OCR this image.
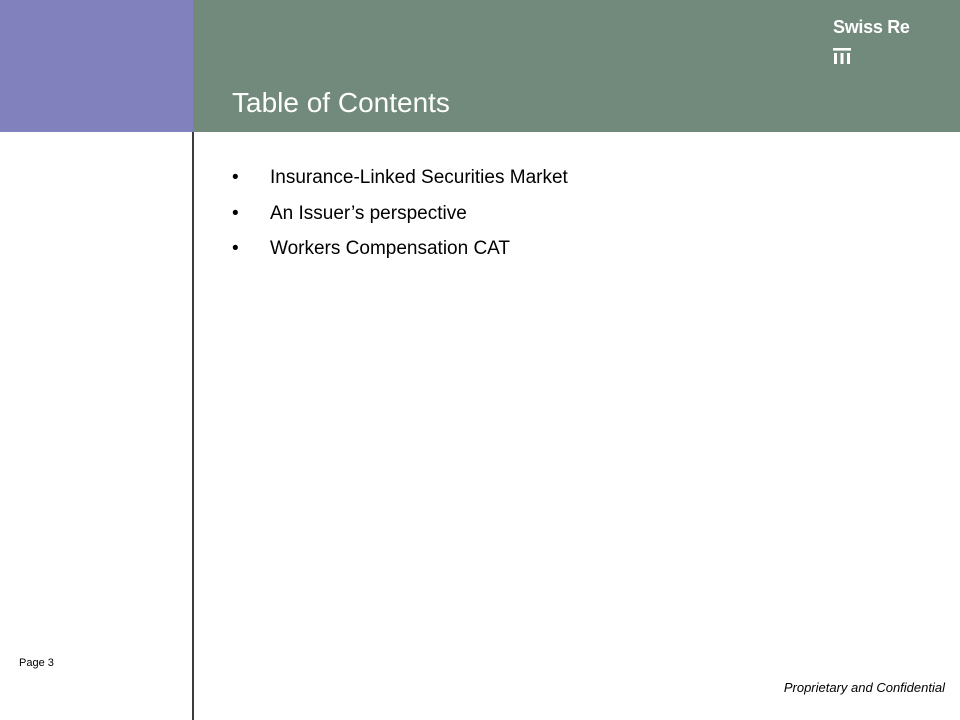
Swiss Re
Table of Contents
• Insurance-Linked Securities Market
• An Issuer’s perspective
• Workers Compensation CAT
Page 3
Proprietary and Confidential
